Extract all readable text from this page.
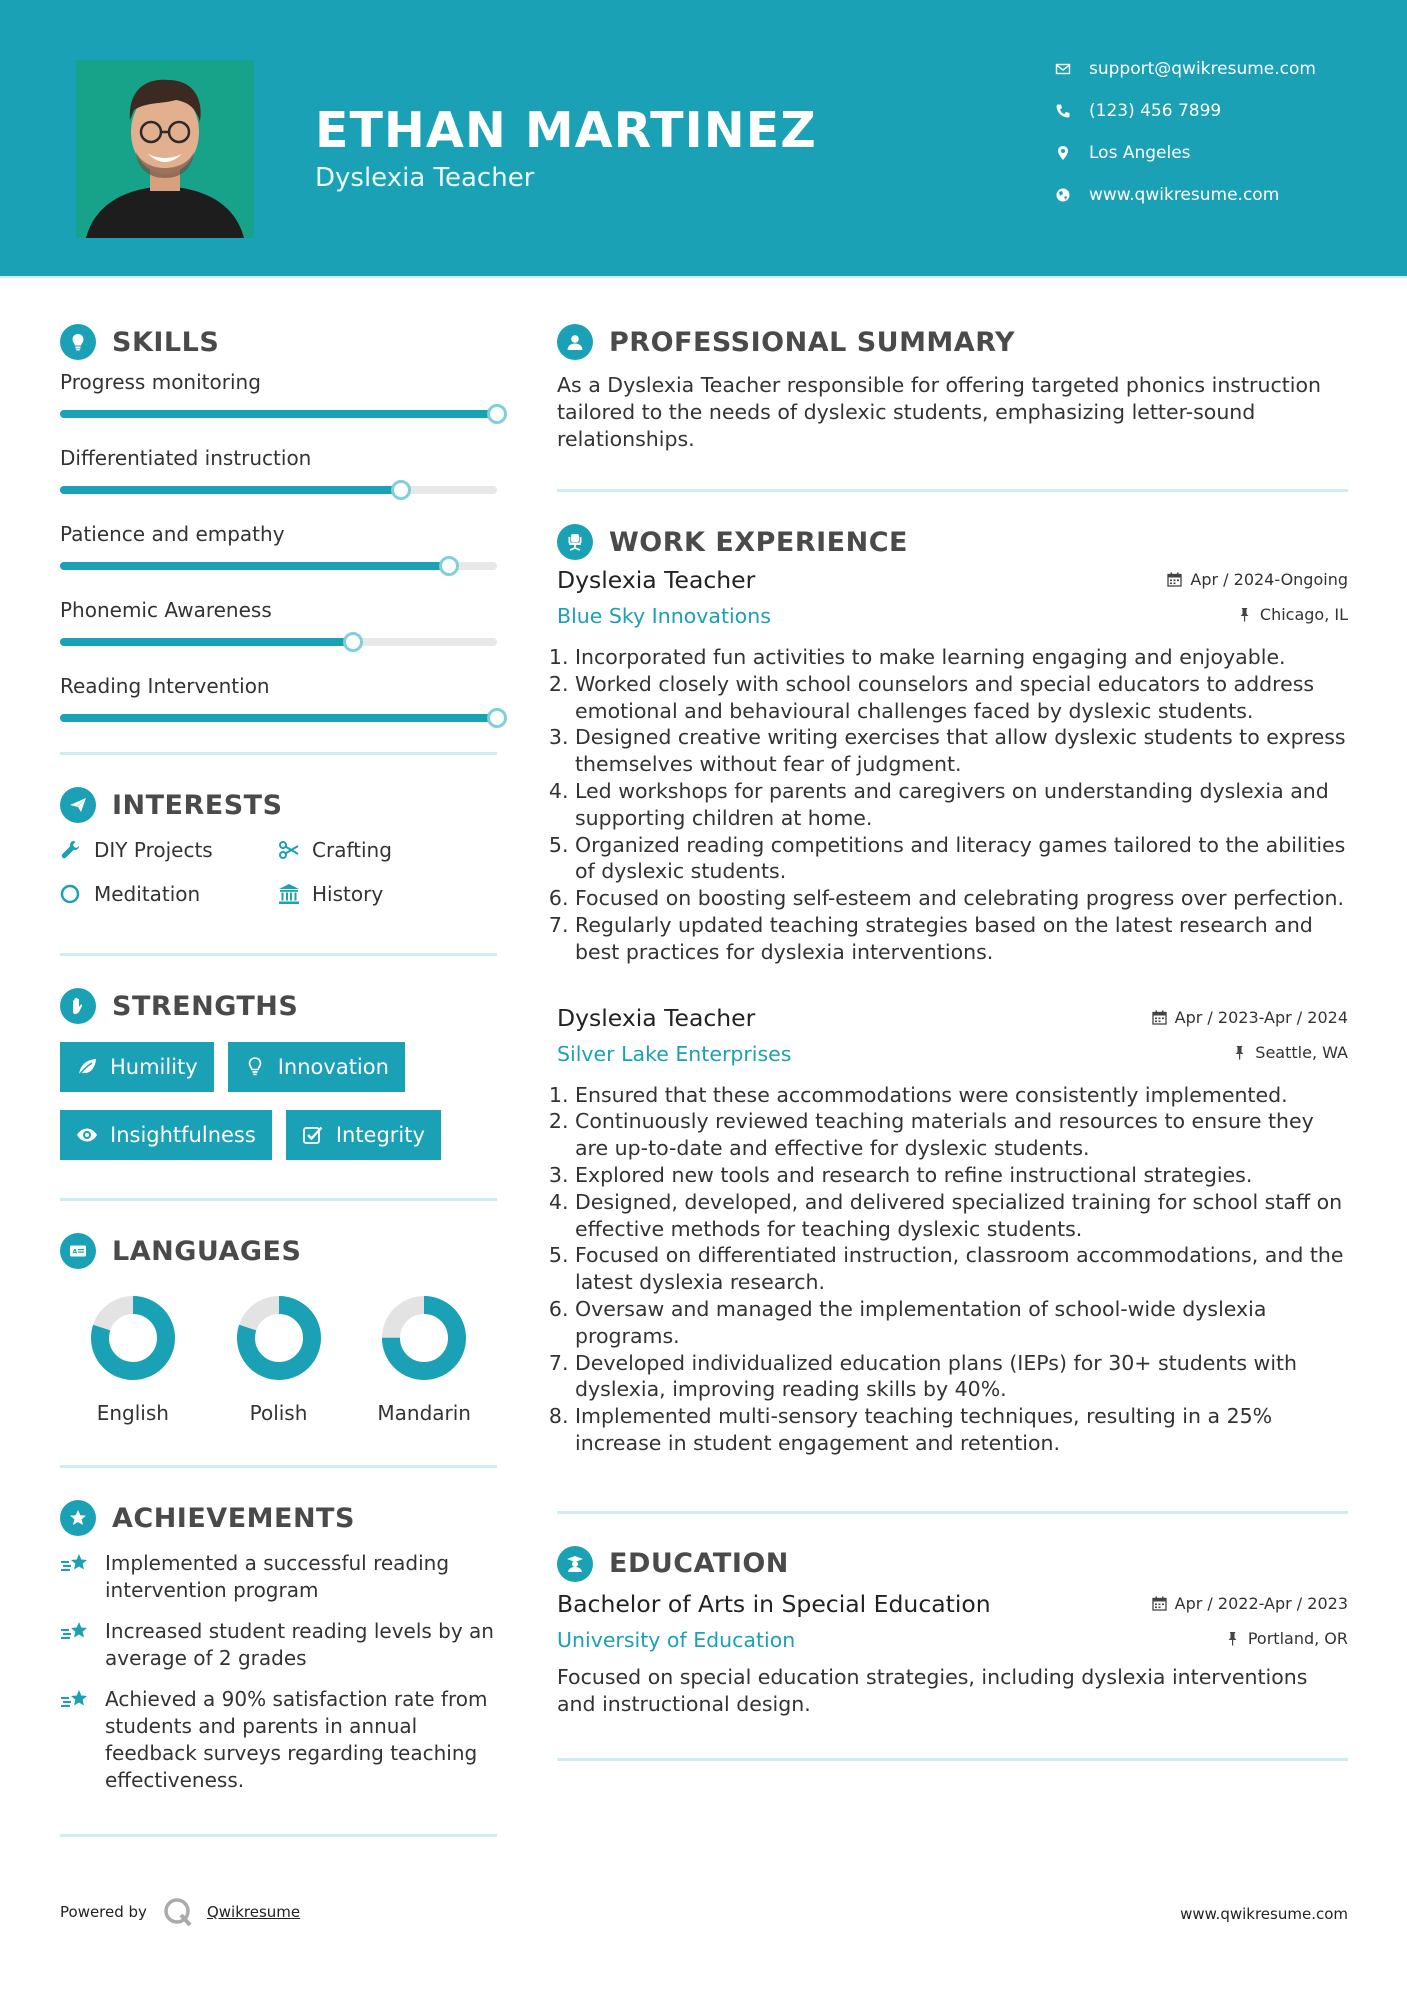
ETHAN MARTINEZ
Dyslexia Teacher
support@qwikresume.com
(123) 456 7899
Los Angeles
www.qwikresume.com
SKILLS
Progress monitoring
Differentiated instruction
Patience and empathy
Phonemic Awareness
Reading Intervention
INTERESTS
DIY Projects	Crafting
Meditation	History
STRENGTHS
Humility	Innovation
Insightfulness	Integrity
A LANGUAGES
English	Polish	Mandarin
ACHIEVEMENTS
Implemented a successful reading intervention program
Increased student reading levels by an average of 2 grades
Achieved a 90% satisfaction rate from students and parents in annual feedback surveys regarding teaching effectiveness.
PROFESSIONAL SUMMARY

As a Dyslexia Teacher responsible for offering targeted phonics instruction tailored to the needs of dyslexic students, emphasizing letter-sound relationships.

WORK EXPERIENCE
Dyslexia Teacher	Apr / 2024-Ongoing
Blue Sky Innovations	Chicago, IL
1. Incorporated fun activities to make learning engaging and enjoyable.
2. Worked closely with school counselors and special educators to address emotional and behavioural challenges faced by dyslexic students.
3. Designed creative writing exercises that allow dyslexic students to express themselves without fear of judgment.
4. Led workshops for parents and caregivers on understanding dyslexia and supporting children at home.
5. Organized reading competitions and literacy games tailored to the abilities of dyslexic students.
6. Focused on boosting self-esteem and celebrating progress over perfection.
7. Regularly updated teaching strategies based on the latest research and best practices for dyslexia interventions.
Dyslexia Teacher	Apr / 2023-Apr / 2024
Silver Lake Enterprises	Seattle, WA
1. Ensured that these accommodations were consistently implemented.
2. Continuously reviewed teaching materials and resources to ensure they are up-to-date and effective for dyslexic students.
3. Explored new tools and research to refine instructional strategies.
4. Designed, developed, and delivered specialized training for school staff on effective methods for teaching dyslexic students.
5. Focused on differentiated instruction, classroom accommodations, and the latest dyslexia research.
6. Oversaw and managed the implementation of school-wide dyslexia programs.
7. Developed individualized education plans (IEPs) for 30+ students with dyslexia, improving reading skills by 40%.
8. Implemented multi-sensory teaching techniques, resulting in a 25% increase in student engagement and retention.
EDUCATION
Bachelor of Arts in Special Education	Apr / 2022-Apr / 2023
University of Education	Portland, OR

Focused on special education strategies, including dyslexia interventions and instructional design.

Powered by	Qwikresume	www.qwikresume.com
